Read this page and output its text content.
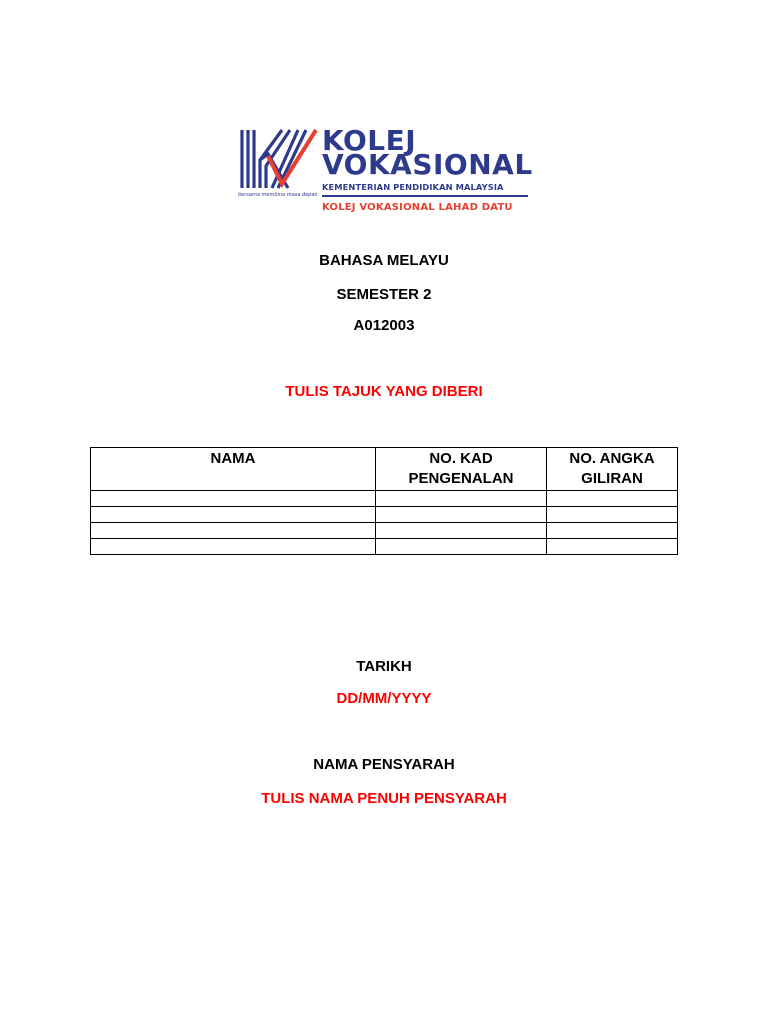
KOLEJ
VOKASIONAL
KEMENTERIAN PENDIDIKAN MALAYSIA
KOLEJ VOKASIONAL LAHAD DATU
bersama membina masa depan
BAHASA MELAYU
SEMESTER 2
A012003
TULIS TAJUK YANG DIBERI
NAMA	NO. KAD PENGENALAN	NO. ANGKA GILIRAN

TARIKH
DD/MM/YYYY
NAMA PENSYARAH
TULIS NAMA PENUH PENSYARAH
